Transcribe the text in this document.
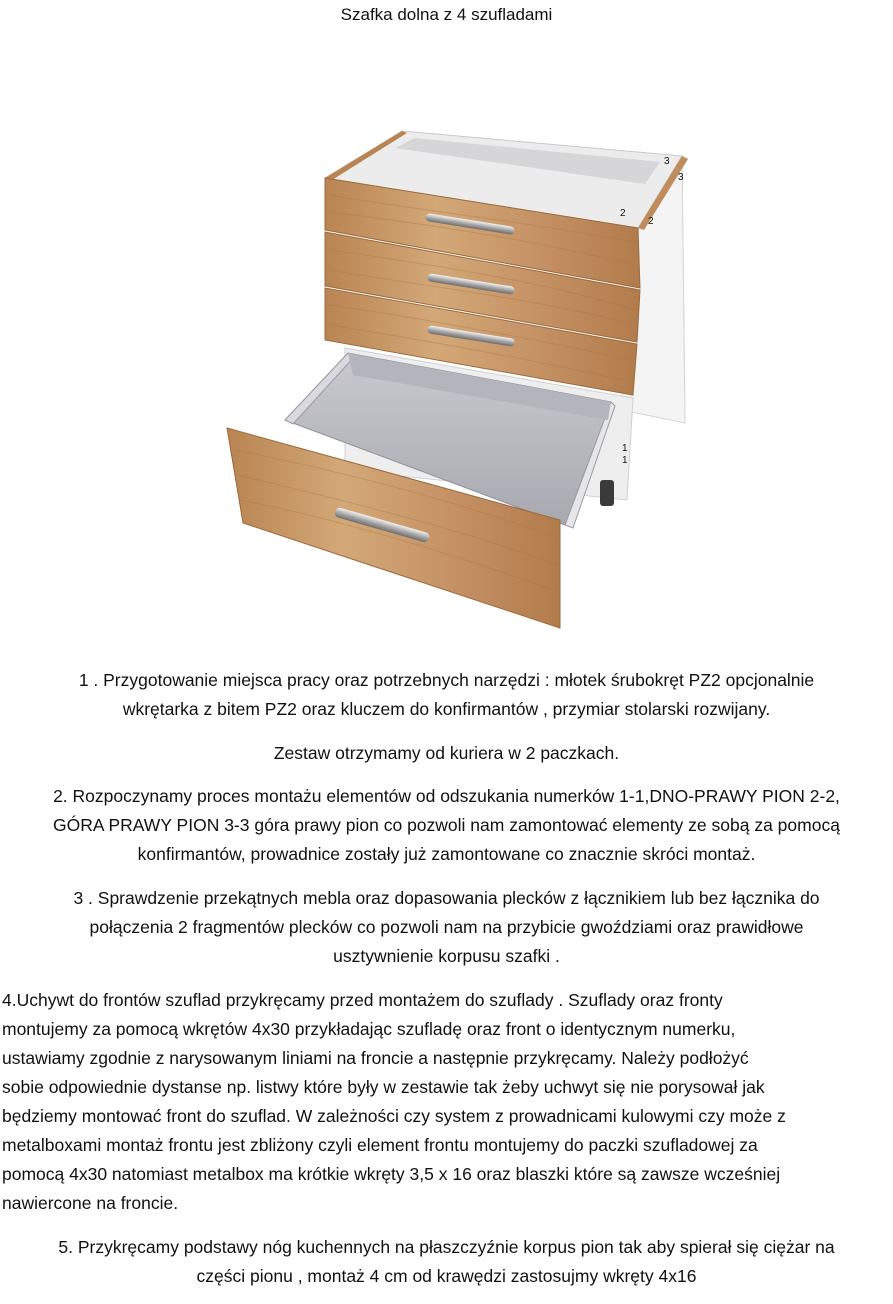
Szafka dolna z 4 szufladami
3
3
2
2
1
1
1 . Przygotowanie miejsca pracy oraz potrzebnych narzędzi : młotek śrubokręt PZ2 opcjonalnie
wkrętarka z bitem PZ2 oraz kluczem do konfirmantów , przymiar stolarski rozwijany.
Zestaw otrzymamy od kuriera w 2 paczkach.
2. Rozpoczynamy proces montażu elementów od odszukania numerków 1-1,DNO-PRAWY PION 2-2,
GÓRA PRAWY PION 3-3 góra prawy pion co pozwoli nam zamontować elementy ze sobą za pomocą
konfirmantów, prowadnice zostały już zamontowane co znacznie skróci montaż.
3 . Sprawdzenie przekątnych mebla oraz dopasowania plecków z łącznikiem lub bez łącznika do
połączenia 2 fragmentów plecków co pozwoli nam na przybicie gwoździami oraz prawidłowe
usztywnienie korpusu szafki .
4.Uchywt do frontów szuflad przykręcamy przed montażem do szuflady . Szuflady oraz fronty
montujemy za pomocą wkrętów 4x30 przykładając szufladę oraz front o identycznym numerku,
ustawiamy zgodnie z narysowanym liniami na froncie a następnie przykręcamy. Należy podłożyć
sobie odpowiednie dystanse np. listwy które były w zestawie tak żeby uchwyt się nie porysował jak
będziemy montować front do szuflad. W zależności czy system z prowadnicami kulowymi czy może z
metalboxami montaż frontu jest zbliżony czyli element frontu montujemy do paczki szufladowej za
pomocą 4x30 natomiast metalbox ma krótkie wkręty 3,5 x 16 oraz blaszki które są zawsze wcześniej
nawiercone na froncie.
5. Przykręcamy podstawy nóg kuchennych na płaszczyźnie korpus pion tak aby spierał się ciężar na
części pionu , montaż 4 cm od krawędzi zastosujmy wkręty 4x16
